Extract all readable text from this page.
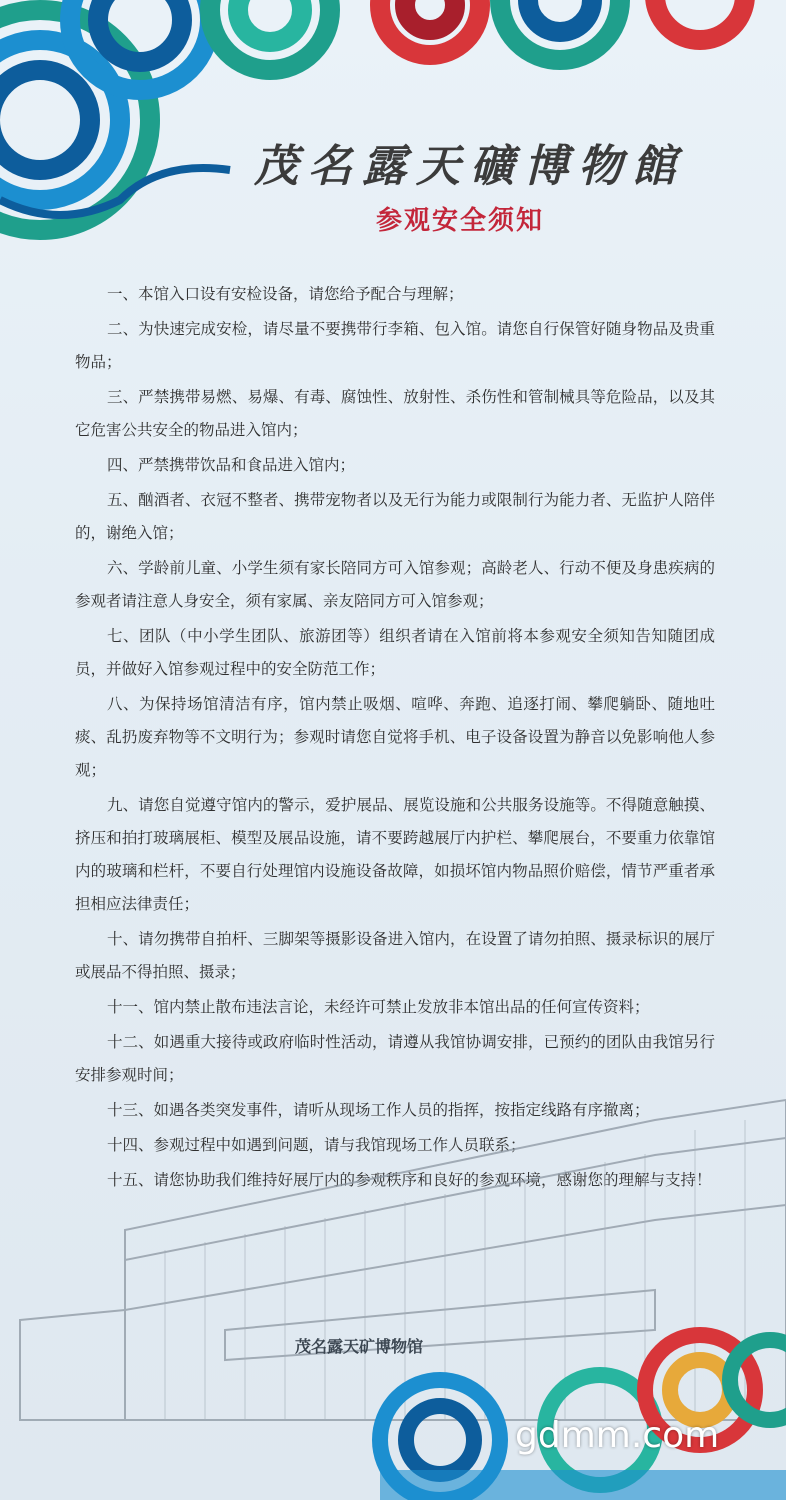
茂名露天礦博物館
参观安全须知

一、本馆入口设有安检设备，请您给予配合与理解；

二、为快速完成安检，请尽量不要携带行李箱、包入馆。请您自行保管好随身物品及贵重物品；

三、严禁携带易燃、易爆、有毒、腐蚀性、放射性、杀伤性和管制械具等危险品，以及其它危害公共安全的物品进入馆内；

四、严禁携带饮品和食品进入馆内；

五、酗酒者、衣冠不整者、携带宠物者以及无行为能力或限制行为能力者、无监护人陪伴的，谢绝入馆；

六、学龄前儿童、小学生须有家长陪同方可入馆参观；高龄老人、行动不便及身患疾病的参观者请注意人身安全，须有家属、亲友陪同方可入馆参观；

七、团队（中小学生团队、旅游团等）组织者请在入馆前将本参观安全须知告知随团成员，并做好入馆参观过程中的安全防范工作；

八、为保持场馆清洁有序，馆内禁止吸烟、喧哗、奔跑、追逐打闹、攀爬躺卧、随地吐痰、乱扔废弃物等不文明行为；参观时请您自觉将手机、电子设备设置为静音以免影响他人参观；

九、请您自觉遵守馆内的警示，爱护展品、展览设施和公共服务设施等。不得随意触摸、挤压和拍打玻璃展柜、模型及展品设施，请不要跨越展厅内护栏、攀爬展台，不要重力依靠馆内的玻璃和栏杆，不要自行处理馆内设施设备故障，如损坏馆内物品照价赔偿，情节严重者承担相应法律责任；

十、请勿携带自拍杆、三脚架等摄影设备进入馆内，在设置了请勿拍照、摄录标识的展厅或展品不得拍照、摄录；

十一、馆内禁止散布违法言论，未经许可禁止发放非本馆出品的任何宣传资料；

十二、如遇重大接待或政府临时性活动，请遵从我馆协调安排，已预约的团队由我馆另行安排参观时间；

十三、如遇各类突发事件，请听从现场工作人员的指挥，按指定线路有序撤离；

十四、参观过程中如遇到问题，请与我馆现场工作人员联系；

十五、请您协助我们维持好展厅内的参观秩序和良好的参观环境，感谢您的理解与支持！

茂名露天矿博物馆
gdmm.com
